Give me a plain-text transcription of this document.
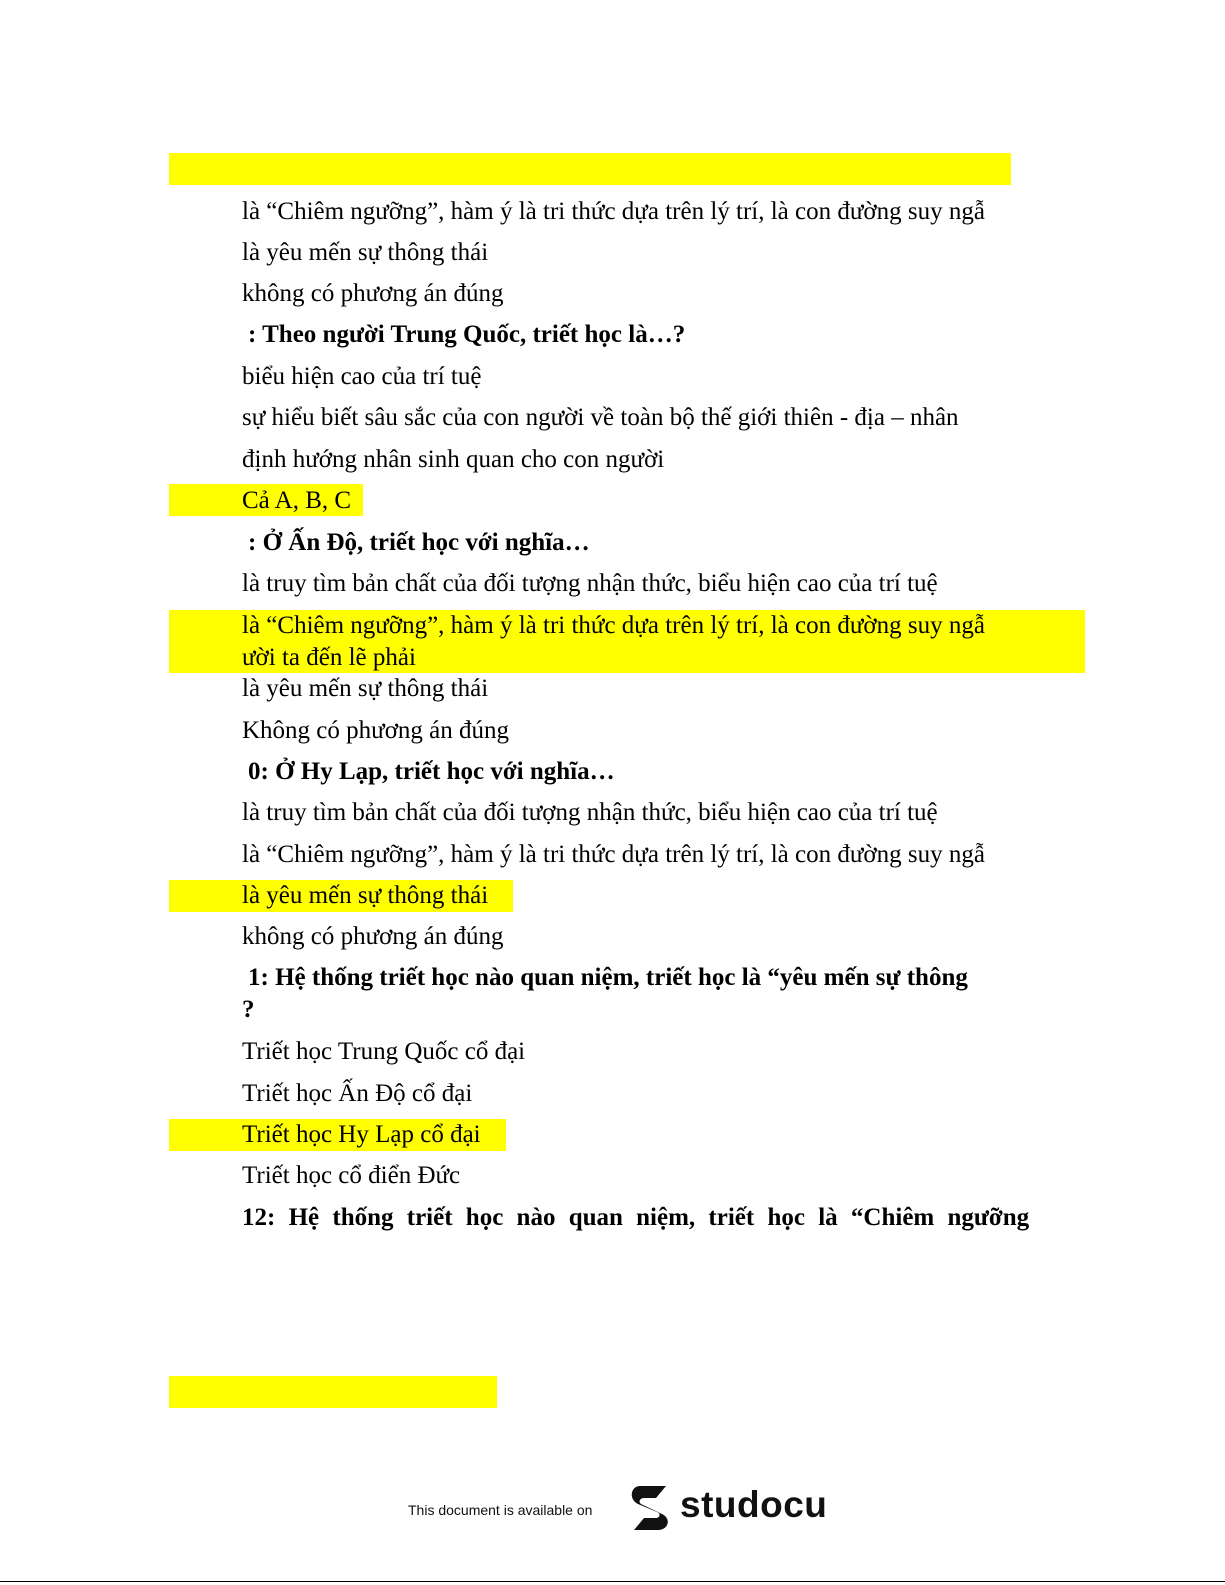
là “Chiêm ngưỡng”, hàm ý là tri thức dựa trên lý trí, là con đường suy ngẫ
là yêu mến sự thông thái
không có phương án đúng
: Theo người Trung Quốc, triết học là…?
biểu hiện cao của trí tuệ
sự hiểu biết sâu sắc của con người về toàn bộ thế giới thiên - địa – nhân
định hướng nhân sinh quan cho con người
Cả A, B, C
: Ở Ấn Độ, triết học với nghĩa…
là truy tìm bản chất của đối tượng nhận thức, biểu hiện cao của trí tuệ
là “Chiêm ngưỡng”, hàm ý là tri thức dựa trên lý trí, là con đường suy ngẫ
ười ta đến lẽ phải
là yêu mến sự thông thái
Không có phương án đúng
0: Ở Hy Lạp, triết học với nghĩa…
là truy tìm bản chất của đối tượng nhận thức, biểu hiện cao của trí tuệ
là “Chiêm ngưỡng”, hàm ý là tri thức dựa trên lý trí, là con đường suy ngẫ
là yêu mến sự thông thái
không có phương án đúng
1: Hệ thống triết học nào quan niệm, triết học là “yêu mến sự thông
?
Triết học Trung Quốc cổ đại
Triết học Ấn Độ cổ đại
Triết học Hy Lạp cổ đại
Triết học cổ điển Đức
12: Hệ thống triết học nào quan niệm, triết học là “Chiêm ngưỡng
This document is available on studocu
